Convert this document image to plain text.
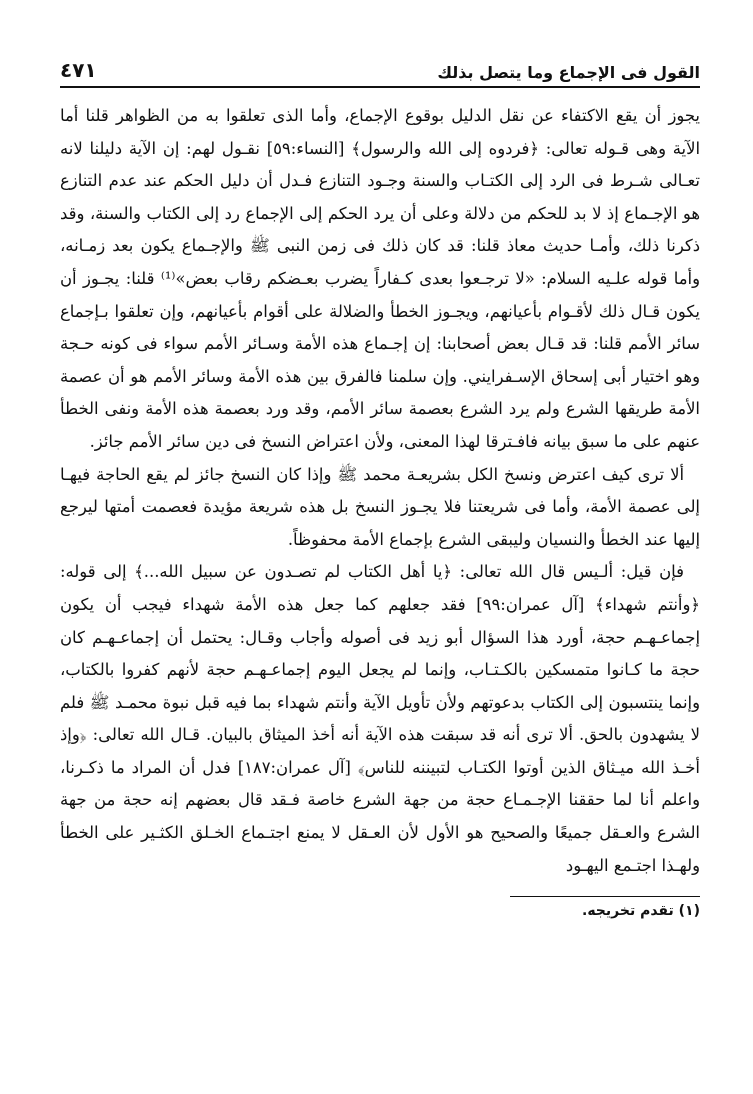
القول فى الإجماع وما يتصل بذلك
٤٧١

يجوز أن يقع الاكتفاء عن نقل الدليل بوقوع الإجماع، وأما الذى تعلقوا به من الظواهر قلنا أما الآية وهى قـوله تعالى: ﴿فردوه إلى الله والرسول﴾ [النساء:٥٩] نقـول لهم: إن الآية دليلنا لانه تعـالى شـرط فى الرد إلى الكتـاب والسنة وجـود التنازع فـدل أن دليل الحكم عند عدم التنازع هو الإجـماع إذ لا بد للحكم من دلالة وعلى أن يرد الحكم إلى الإجماع رد إلى الكتاب والسنة، وقد ذكرنا ذلك، وأمـا حديث معاذ قلنا: قد كان ذلك فى زمن النبى ﷺ والإجـماع يكون بعد زمـانه، وأما قوله علـيه السلام: «لا ترجـعوا بعدى كـفاراً يضرب بعـضكم رقاب بعض»⁽¹⁾ قلنا: يجـوز أن يكون قـال ذلك لأقـوام بأعيانهم، ويجـوز الخطأ والضلالة على أقوام بأعيانهم، وإن تعلقوا بـإجماع سائر الأمم قلنا: قد قـال بعض أصحابنا: إن إجـماع هذه الأمة وسـائر الأمم سواء فى كونه حـجة وهو اختيار أبى إسحاق الإسـفرايني. وإن سلمنا فالفرق بين هذه الأمة وسائر الأمم هو أن عصمة الأمة طريقها الشرع ولم يرد الشرع بعصمة سائر الأمم، وقد ورد بعصمة هذه الأمة ونفى الخطأ عنهم على ما سبق بيانه فافـترقا لهذا المعنى، ولأن اعتراض النسخ فى دين سائر الأمم جائز.

ألا ترى كيف اعترض ونسخ الكل بشريعـة محمد ﷺ وإذا كان النسخ جائز لم يقع الحاجة فيهـا إلى عصمة الأمة، وأما فى شريعتنا فلا يجـوز النسخ بل هذه شريعة مؤيدة فعصمت أمتها ليرجع إليها عند الخطأ والنسيان وليبقى الشرع بإجماع الأمة محفوظاً.

فإن قيل: ألـيس قال الله تعالى: ﴿يا أهل الكتاب لم تصـدون عن سبيل الله...﴾ إلى قوله: ﴿وأنتم شهداء﴾ [آل عمران:٩٩] فقد جعلهم كما جعل هذه الأمة شهداء فيجب أن يكون إجماعـهـم حجة، أورد هذا السؤال أبو زيد فى أصوله وأجاب وقـال: يحتمل أن إجماعـهـم كان حجة ما كـانوا متمسكين بالكـتـاب، وإنما لم يجعل اليوم إجماعـهـم حجة لأنهم كفروا بالكتاب، وإنما ينتسبون إلى الكتاب بدعوتهم ولأن تأويل الآية وأنتم شهداء بما فيه قبل نبوة محمـد ﷺ فلم لا يشهدون بالحق. ألا ترى أنه قد سبقت هذه الآية أنه أخذ الميثاق بالبيان. قـال الله تعالى: ﴿وإذ أخـذ الله ميـثاق الذين أوتوا الكتـاب لتبيننه للناس﴾ [آل عمران:١٨٧] فدل أن المراد ما ذكـرنا، واعلم أنا لما حققنا الإجـمـاع حجة من جهة الشرع خاصة فـقد قال بعضهم إنه حجة من جهة الشرع والعـقل جميعًا والصحيح هو الأول لأن العـقل لا يمنع اجتـماع الخـلق الكثـير على الخطأ ولهـذا اجتـمع اليهـود

(١) تقدم تخريجه.
